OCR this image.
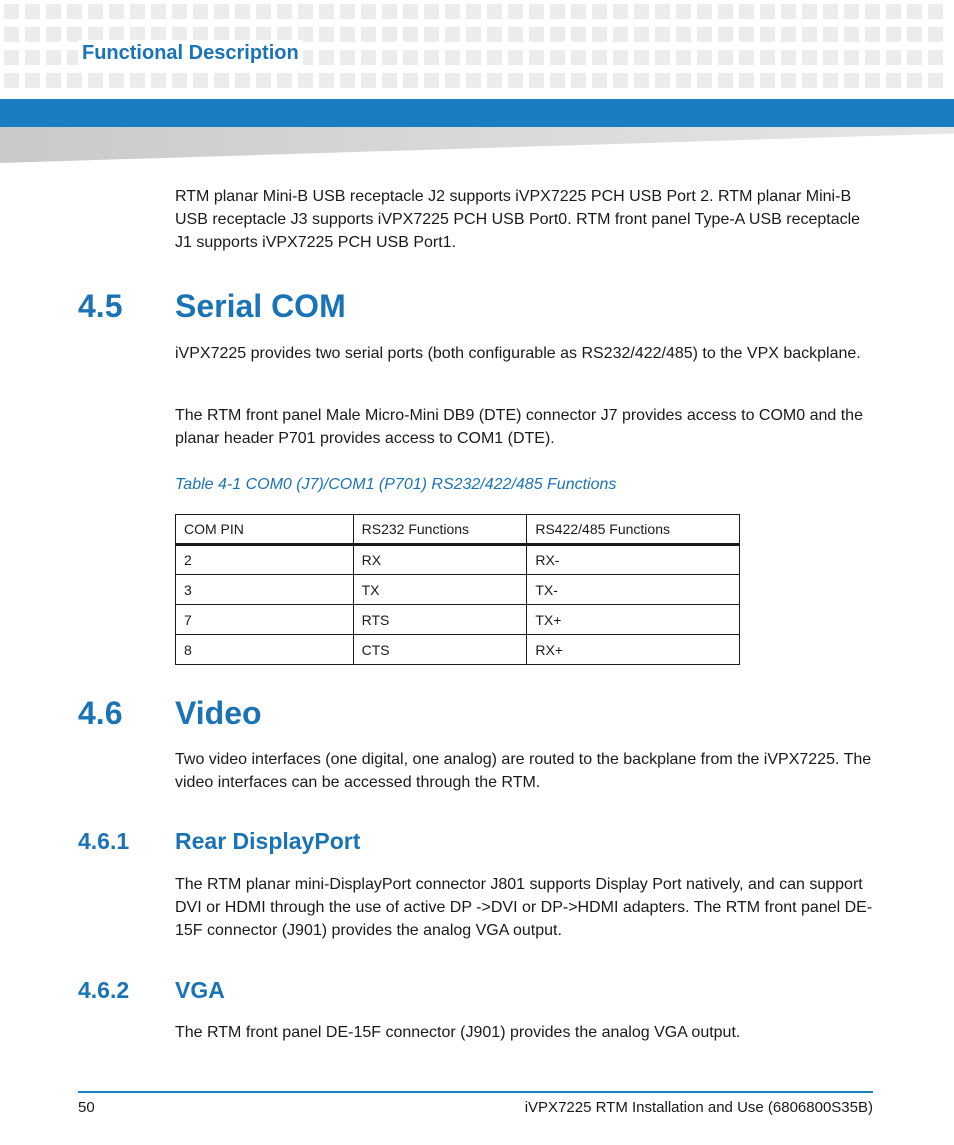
Functional Description

RTM planar Mini-B USB receptacle J2 supports iVPX7225 PCH USB Port 2. RTM planar Mini-B USB receptacle J3 supports iVPX7225 PCH USB Port0. RTM front panel Type-A USB receptacle J1 supports iVPX7225 PCH USB Port1.

4.5 Serial COM

iVPX7225 provides two serial ports (both configurable as RS232/422/485) to the VPX backplane.

The RTM front panel Male Micro-Mini DB9 (DTE) connector J7 provides access to COM0 and the planar header P701 provides access to COM1 (DTE).

Table 4-1 COM0 (J7)/COM1 (P701) RS232/422/485 Functions
COM PIN	RS232 Functions	RS422/485 Functions
2	RX	RX-
3	TX	TX-
7	RTS	TX+
8	CTS	RX+
4.6 Video

Two video interfaces (one digital, one analog) are routed to the backplane from the iVPX7225. The video interfaces can be accessed through the RTM.

4.6.1 Rear DisplayPort

The RTM planar mini-DisplayPort connector J801 supports Display Port natively, and can support DVI or HDMI through the use of active DP ->DVI or DP->HDMI adapters. The RTM front panel DE-15F connector (J901) provides the analog VGA output.

4.6.2 VGA

The RTM front panel DE-15F connector (J901) provides the analog VGA output.

50	iVPX7225 RTM Installation and Use (6806800S35B)
